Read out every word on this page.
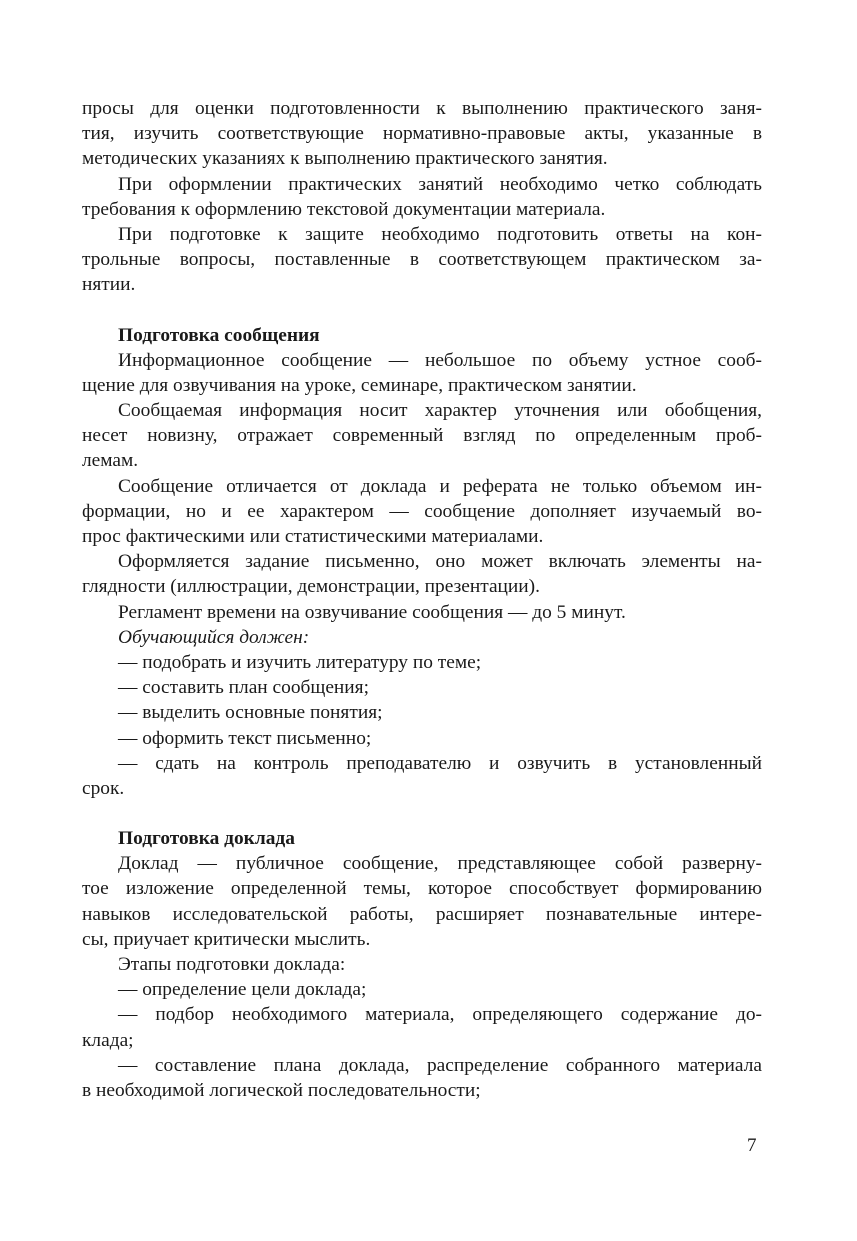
просы для оценки подготовленности к выполнению практического заня-
тия, изучить соответствующие нормативно-правовые акты, указанные в
методических указаниях к выполнению практического занятия.
При оформлении практических занятий необходимо четко соблюдать
требования к оформлению текстовой документации материала.
При подготовке к защите необходимо подготовить ответы на кон-
трольные вопросы, поставленные в соответствующем практическом за-
нятии.
Подготовка сообщения
Информационное сообщение — небольшое по объему устное сооб-
щение для озвучивания на уроке, семинаре, практическом занятии.
Сообщаемая информация носит характер уточнения или обобщения,
несет новизну, отражает современный взгляд по определенным проб-
лемам.
Сообщение отличается от доклада и реферата не только объемом ин-
формации, но и ее характером — сообщение дополняет изучаемый во-
прос фактическими или статистическими материалами.
Оформляется задание письменно, оно может включать элементы на-
глядности (иллюстрации, демонстрации, презентации).
Регламент времени на озвучивание сообщения — до 5 минут.
Обучающийся должен:
— подобрать и изучить литературу по теме;
— составить план сообщения;
— выделить основные понятия;
— оформить текст письменно;
— сдать на контроль преподавателю и озвучить в установленный
срок.
Подготовка доклада
Доклад — публичное сообщение, представляющее собой разверну-
тое изложение определенной темы, которое способствует формированию
навыков исследовательской работы, расширяет познавательные интере-
сы, приучает критически мыслить.
Этапы подготовки доклада:
— определение цели доклада;
— подбор необходимого материала, определяющего содержание до-
клада;
— составление плана доклада, распределение собранного материала
в необходимой логической последовательности;
7
